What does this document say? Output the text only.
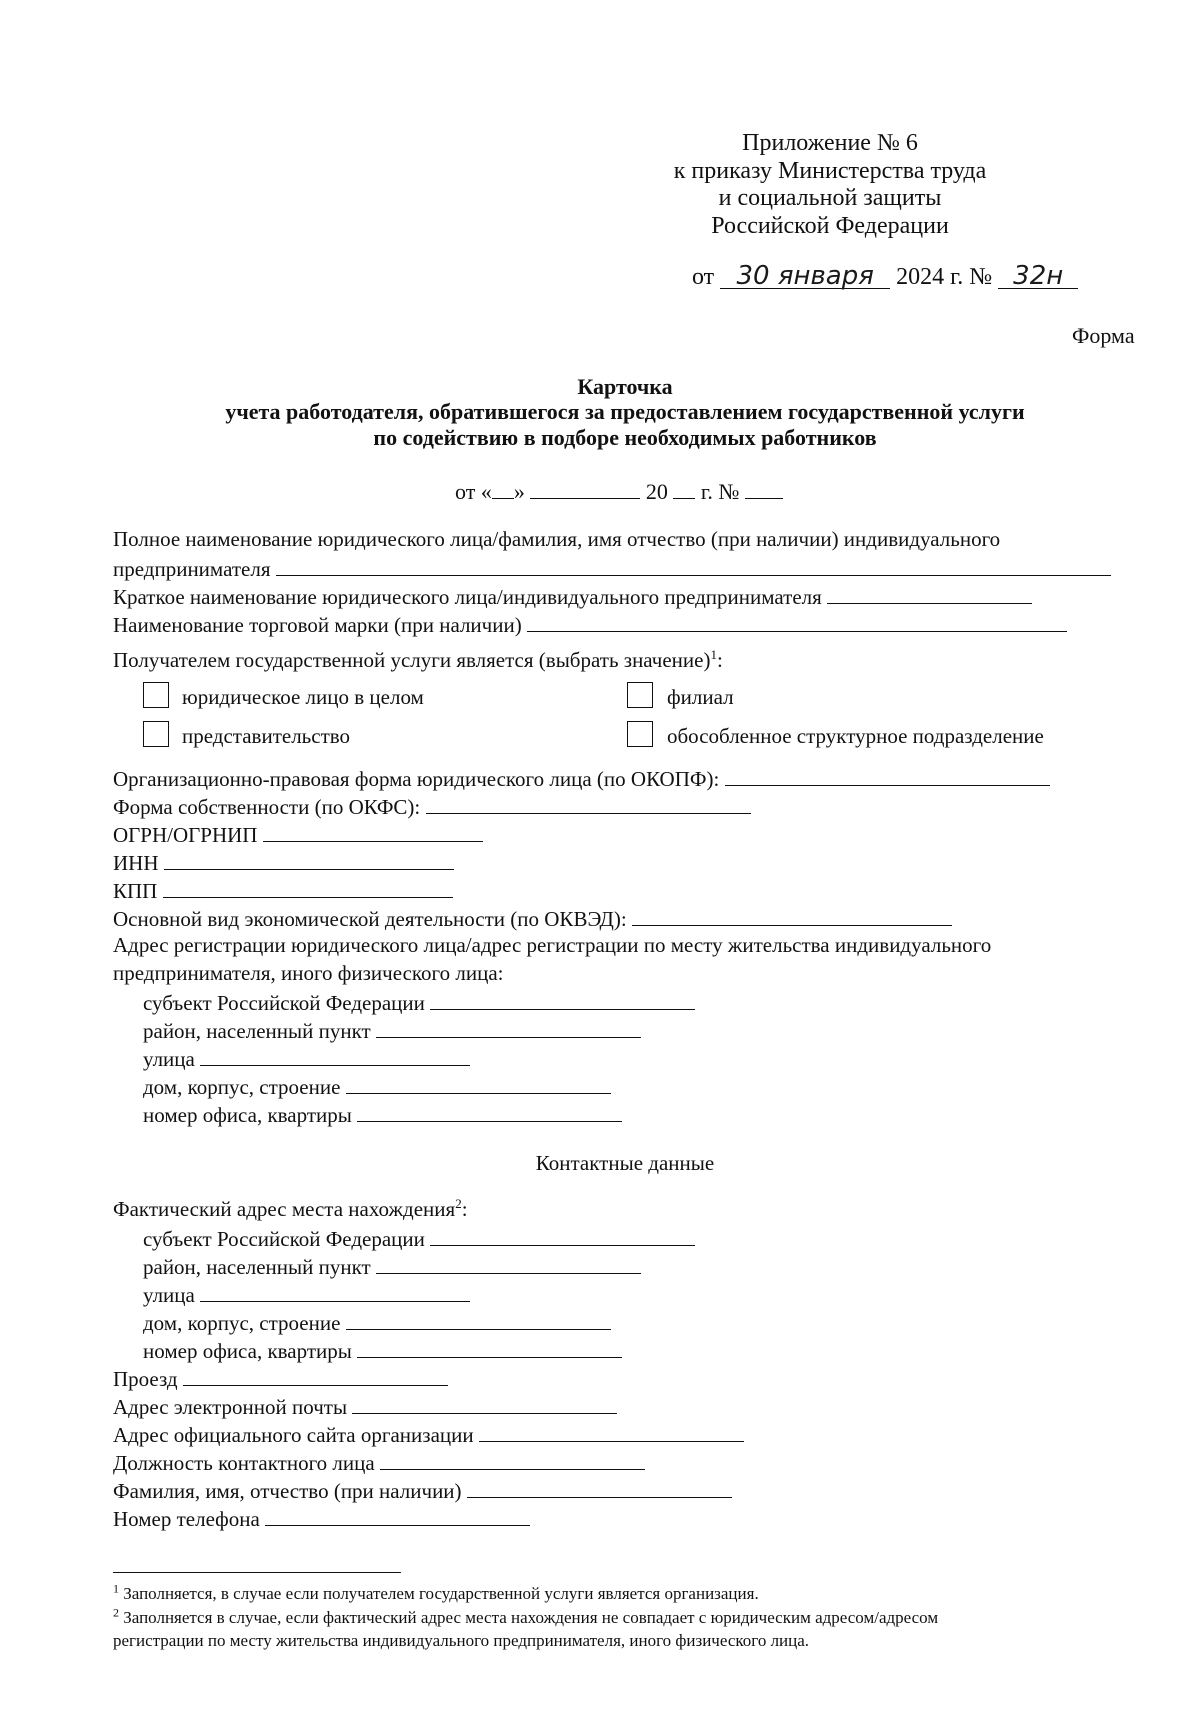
Приложение № 6
к приказу Министерства труда
и социальной защиты
Российской Федерации
от 30 января 2024 г. № 32н
Форма
Карточка
учета работодателя, обратившегося за предоставлением государственной услуги
по содействию в подборе необходимых работников
от « »	20 г. №
Полное наименование юридического лица/фамилия, имя отчество (при наличии) индивидуального
предпринимателя
Краткое наименование юридического лица/индивидуального предпринимателя
Наименование торговой марки (при наличии)
Получателем государственной услуги является (выбрать значение)$^1$:
юридическое лицо в целом	филиал
представительство	обособленное структурное подразделение
Организационно-правовая форма юридического лица (по ОКОПФ):
Форма собственности (по ОКФС):
ОГРН/ОГРНИП
ИНН
КПП
Основной вид экономической деятельности (по ОКВЭД):
Адрес регистрации юридического лица/адрес регистрации по месту жительства индивидуального
предпринимателя, иного физического лица:
субъект Российской Федерации
район, населенный пункт
улица
дом, корпус, строение
номер офиса, квартиры
Контактные данные
Фактический адрес места нахождения$^2$:
субъект Российской Федерации
район, населенный пункт
улица
дом, корпус, строение
номер офиса, квартиры
Проезд
Адрес электронной почты
Адрес официального сайта организации
Должность контактного лица
Фамилия, имя, отчество (при наличии)
Номер телефона
$^1$ Заполняется, в случае если получателем государственной услуги является организация.
$^2$ Заполняется в случае, если фактический адрес места нахождения не совпадает с юридическим адресом/адресом
регистрации по месту жительства индивидуального предпринимателя, иного физического лица.
